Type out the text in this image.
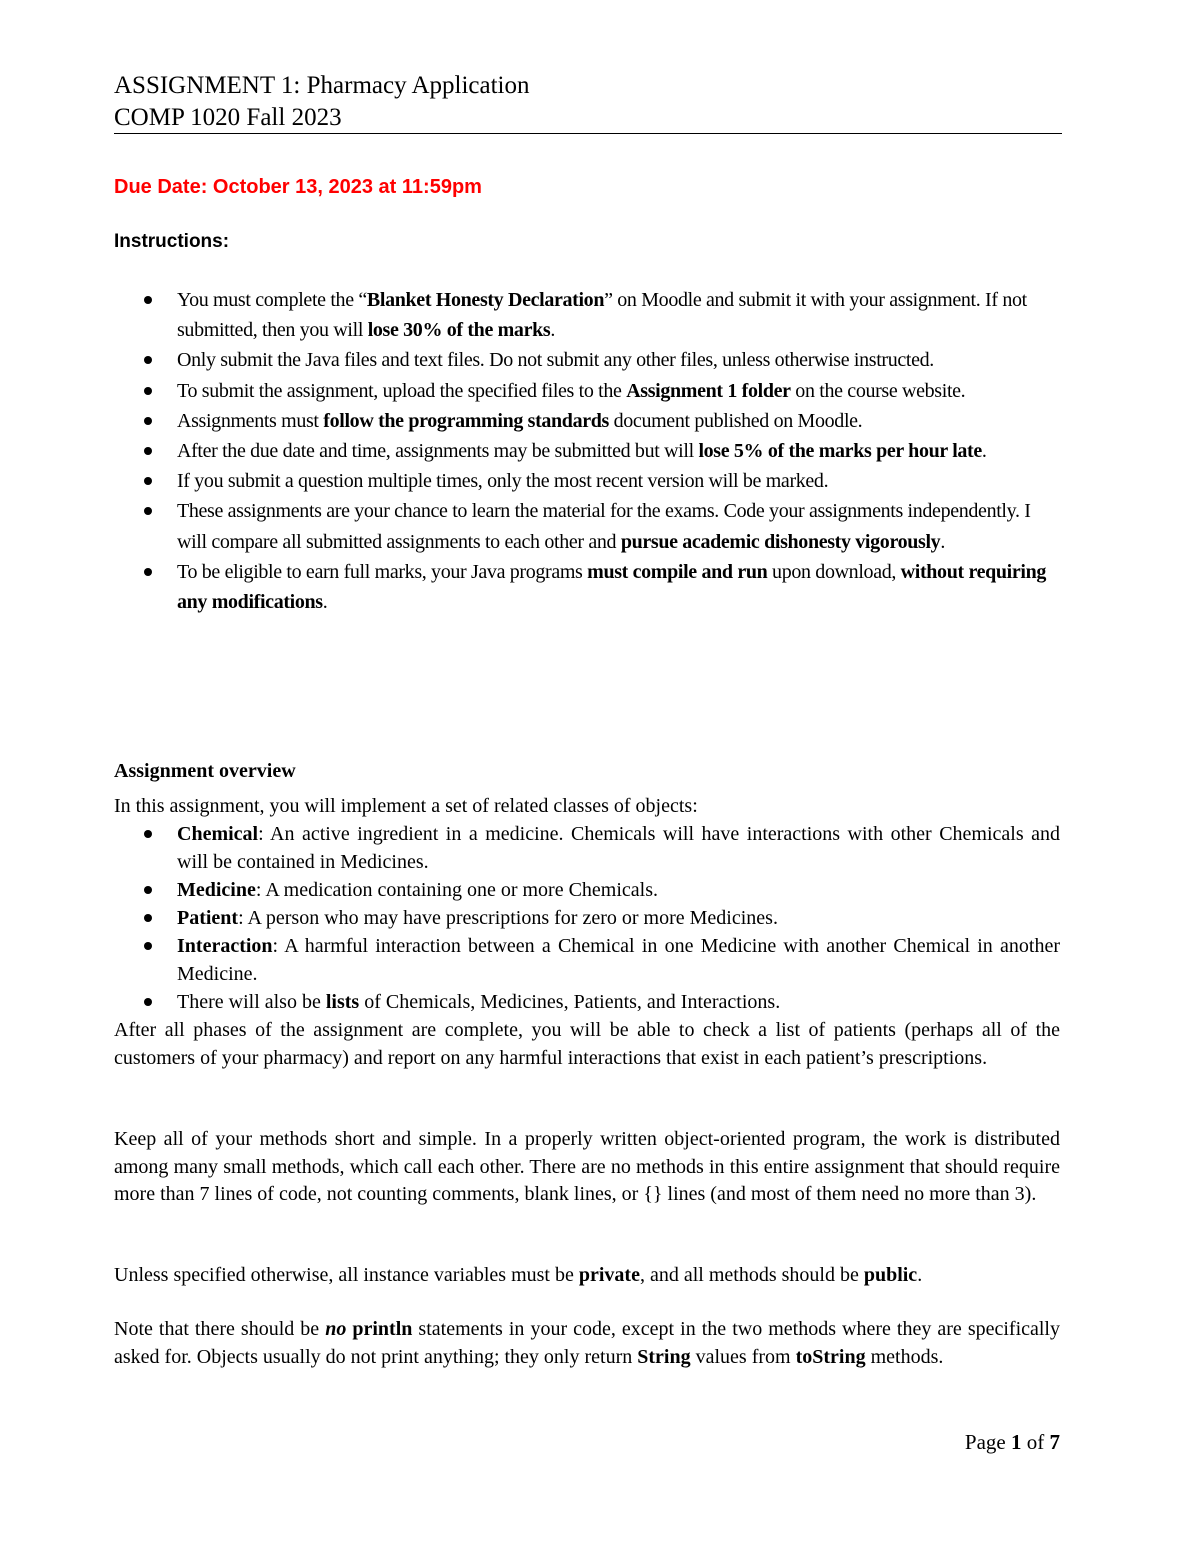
ASSIGNMENT 1: Pharmacy Application
COMP 1020 Fall 2023
Due Date: October 13, 2023 at 11:59pm
Instructions:
You must complete the “Blanket Honesty Declaration” on Moodle and submit it with your assignment. If not submitted, then you will lose 30% of the marks.
Only submit the Java files and text files. Do not submit any other files, unless otherwise instructed.
To submit the assignment, upload the specified files to the Assignment 1 folder on the course website.
Assignments must follow the programming standards document published on Moodle.
After the due date and time, assignments may be submitted but will lose 5% of the marks per hour late.
If you submit a question multiple times, only the most recent version will be marked.
These assignments are your chance to learn the material for the exams. Code your assignments independently. I will compare all submitted assignments to each other and pursue academic dishonesty vigorously.
To be eligible to earn full marks, your Java programs must compile and run upon download, without requiring any modifications.
Assignment overview
In this assignment, you will implement a set of related classes of objects:
Chemical: An active ingredient in a medicine. Chemicals will have interactions with other Chemicals and will be contained in Medicines.
Medicine: A medication containing one or more Chemicals.
Patient: A person who may have prescriptions for zero or more Medicines.
Interaction: A harmful interaction between a Chemical in one Medicine with another Chemical in another Medicine.
There will also be lists of Chemicals, Medicines, Patients, and Interactions.
After all phases of the assignment are complete, you will be able to check a list of patients (perhaps all of the customers of your pharmacy) and report on any harmful interactions that exist in each patient’s prescriptions.
Keep all of your methods short and simple. In a properly written object-oriented program, the work is distributed among many small methods, which call each other. There are no methods in this entire assignment that should require more than 7 lines of code, not counting comments, blank lines, or {} lines (and most of them need no more than 3).
Unless specified otherwise, all instance variables must be private, and all methods should be public.
Note that there should be no println statements in your code, except in the two methods where they are specifically asked for. Objects usually do not print anything; they only return String values from toString methods.
Page 1 of 7
